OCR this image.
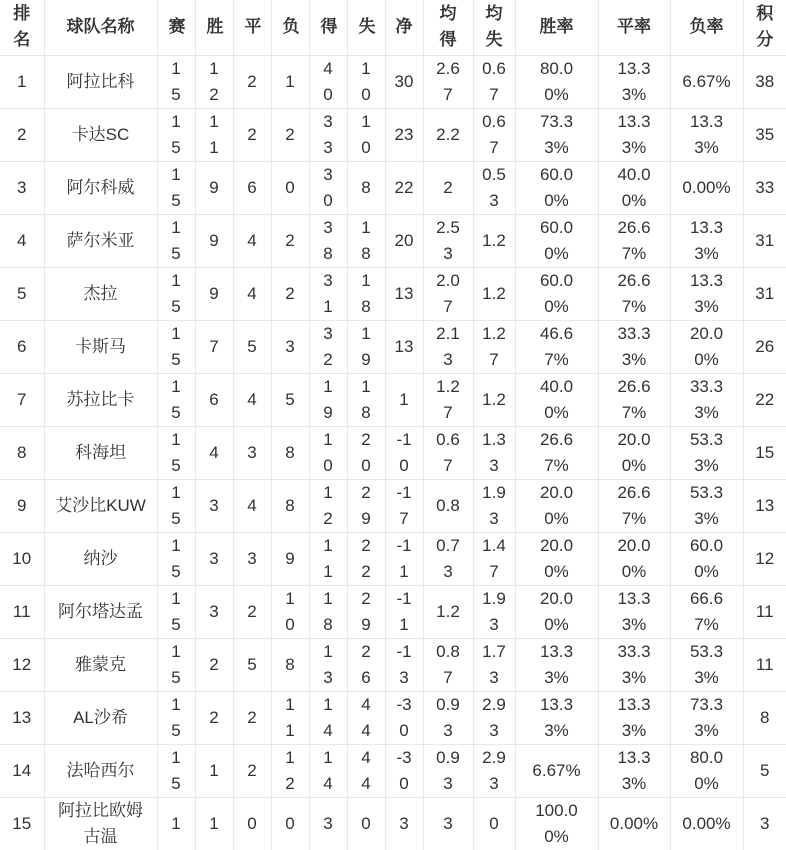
排名	球队名称	赛	胜	平	负	得	失	净	均得	均失	胜率	平率	负率	积分
1	阿拉比科	15	12	2	1	40	10	30	2.67	0.67	80.00%	13.33%	6.67%	38
2	卡达SC	15	11	2	2	33	10	23	2.2	0.67	73.33%	13.33%	13.33%	35
3	阿尔科威	15	9	6	0	30	8	22	2	0.53	60.00%	40.00%	0.00%	33
4	萨尔米亚	15	9	4	2	38	18	20	2.53	1.2	60.00%	26.67%	13.33%	31
5	杰拉	15	9	4	2	31	18	13	2.07	1.2	60.00%	26.67%	13.33%	31
6	卡斯马	15	7	5	3	32	19	13	2.13	1.27	46.67%	33.33%	20.00%	26
7	苏拉比卡	15	6	4	5	19	18	1	1.27	1.2	40.00%	26.67%	33.33%	22
8	科海坦	15	4	3	8	10	20	-10	0.67	1.33	26.67%	20.00%	53.33%	15
9	艾沙比KUW	15	3	4	8	12	29	-17	0.8	1.93	20.00%	26.67%	53.33%	13
10	纳沙	15	3	3	9	11	22	-11	0.73	1.47	20.00%	20.00%	60.00%	12
11	阿尔塔达孟	15	3	2	10	18	29	-11	1.2	1.93	20.00%	13.33%	66.67%	11
12	雅蒙克	15	2	5	8	13	26	-13	0.87	1.73	13.33%	33.33%	53.33%	11
13	AL沙希	15	2	2	11	14	44	-30	0.93	2.93	13.33%	13.33%	73.33%	8
14	法哈西尔	15	1	2	12	14	44	-30	0.93	2.93	6.67%	13.33%	80.00%	5
15	阿拉比欧姆古温	1	1	0	0	3	0	3	3	0	100.00%	0.00%	0.00%	3
